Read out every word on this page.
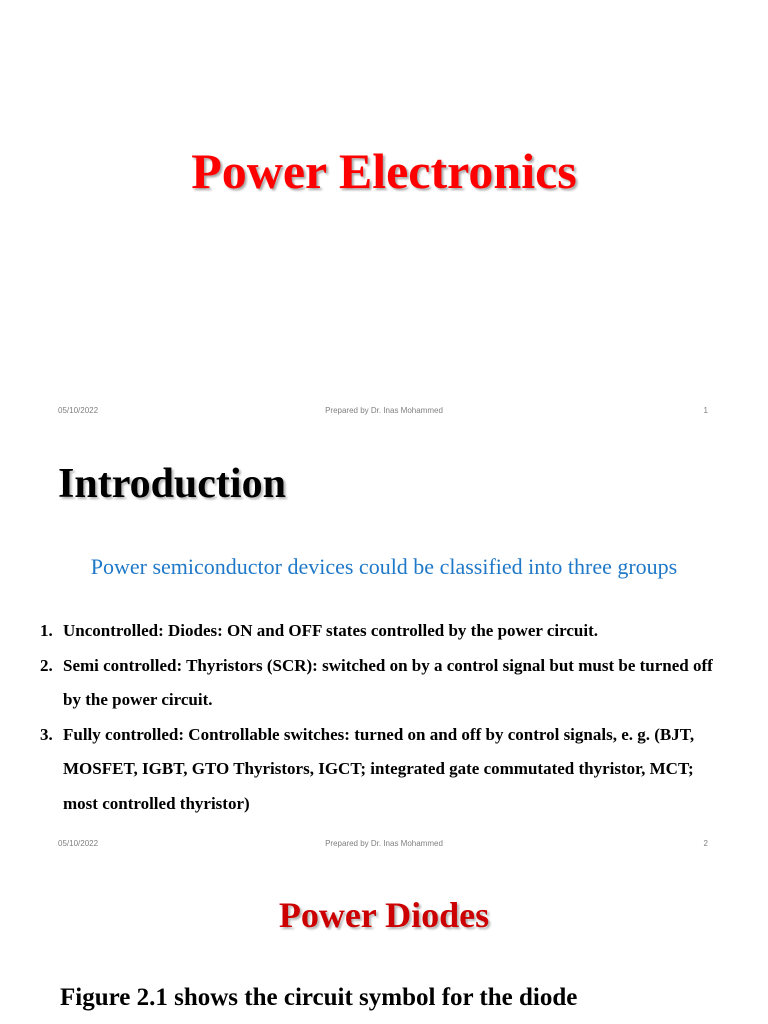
Power Electronics
05/10/2022	Prepared by Dr. Inas Mohammed	1
Introduction

Power semiconductor devices could be classified into three groups

1. Uncontrolled: Diodes: ON and OFF states controlled by the power circuit.
2. Semi controlled: Thyristors (SCR): switched on by a control signal but must be turned off by the power circuit.
3. Fully controlled: Controllable switches: turned on and off by control signals, e. g. (BJT, MOSFET, IGBT, GTO Thyristors, IGCT; integrated gate commutated thyristor, MCT; most controlled thyristor)
05/10/2022	Prepared by Dr. Inas Mohammed	2
Power Diodes

Figure 2.1 shows the circuit symbol for the diode
